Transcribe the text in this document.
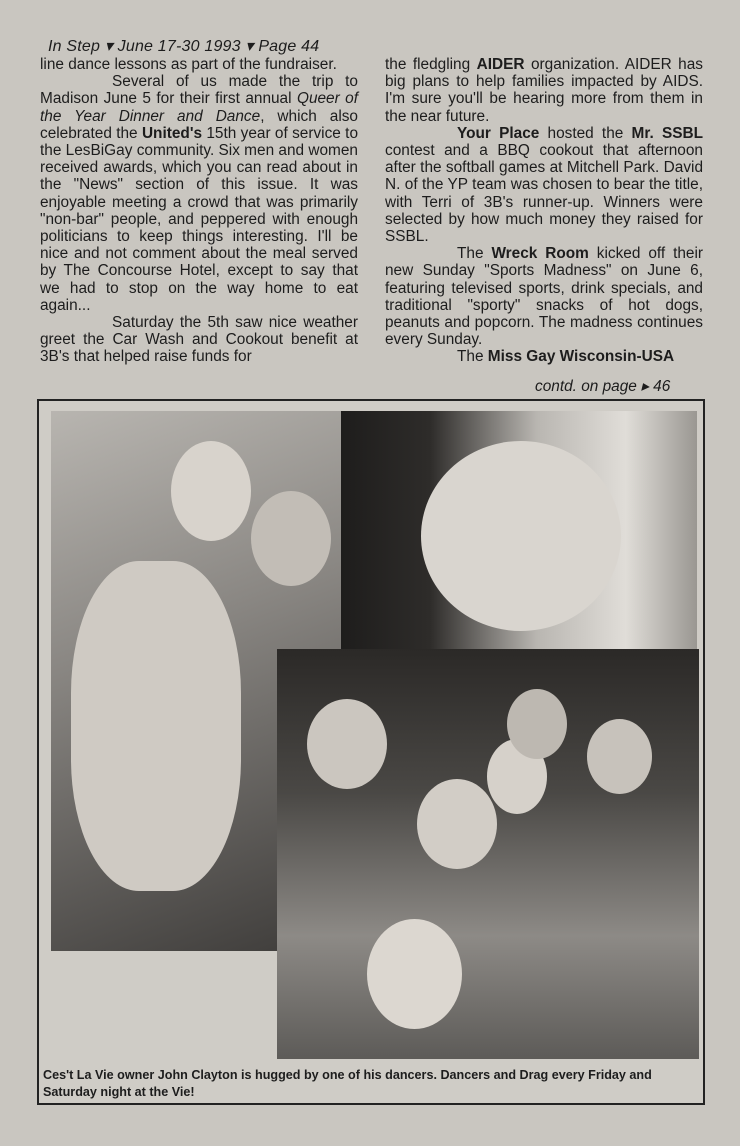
In Step ▾ June 17-30 1993 ▾ Page 44

line dance lessons as part of the fundraiser.

Several of us made the trip to Madison June 5 for their first annual Queer of the Year Dinner and Dance, which also celebrated the United's 15th year of service to the LesBiGay community. Six men and women received awards, which you can read about in the "News" section of this issue. It was enjoyable meeting a crowd that was primarily "non-bar" people, and peppered with enough politicians to keep things interesting. I'll be nice and not comment about the meal served by The Concourse Hotel, except to say that we had to stop on the way home to eat again...

Saturday the 5th saw nice weather greet the Car Wash and Cookout benefit at 3B's that helped raise funds for

the fledgling AIDER organization. AIDER has big plans to help families impacted by AIDS. I'm sure you'll be hearing more from them in the near future.

Your Place hosted the Mr. SSBL contest and a BBQ cookout that afternoon after the softball games at Mitchell Park. David N. of the YP team was chosen to bear the title, with Terri of 3B's runner-up. Winners were selected by how much money they raised for SSBL.

The Wreck Room kicked off their new Sunday "Sports Madness" on June 6, featuring televised sports, drink specials, and traditional "sporty" snacks of hot dogs, peanuts and popcorn. The madness continues every Sunday.

The Miss Gay Wisconsin-USA

contd. on page ▸ 46
Ces't La Vie owner John Clayton is hugged by one of his dancers. Dancers and Drag every Friday and Saturday night at the Vie!
